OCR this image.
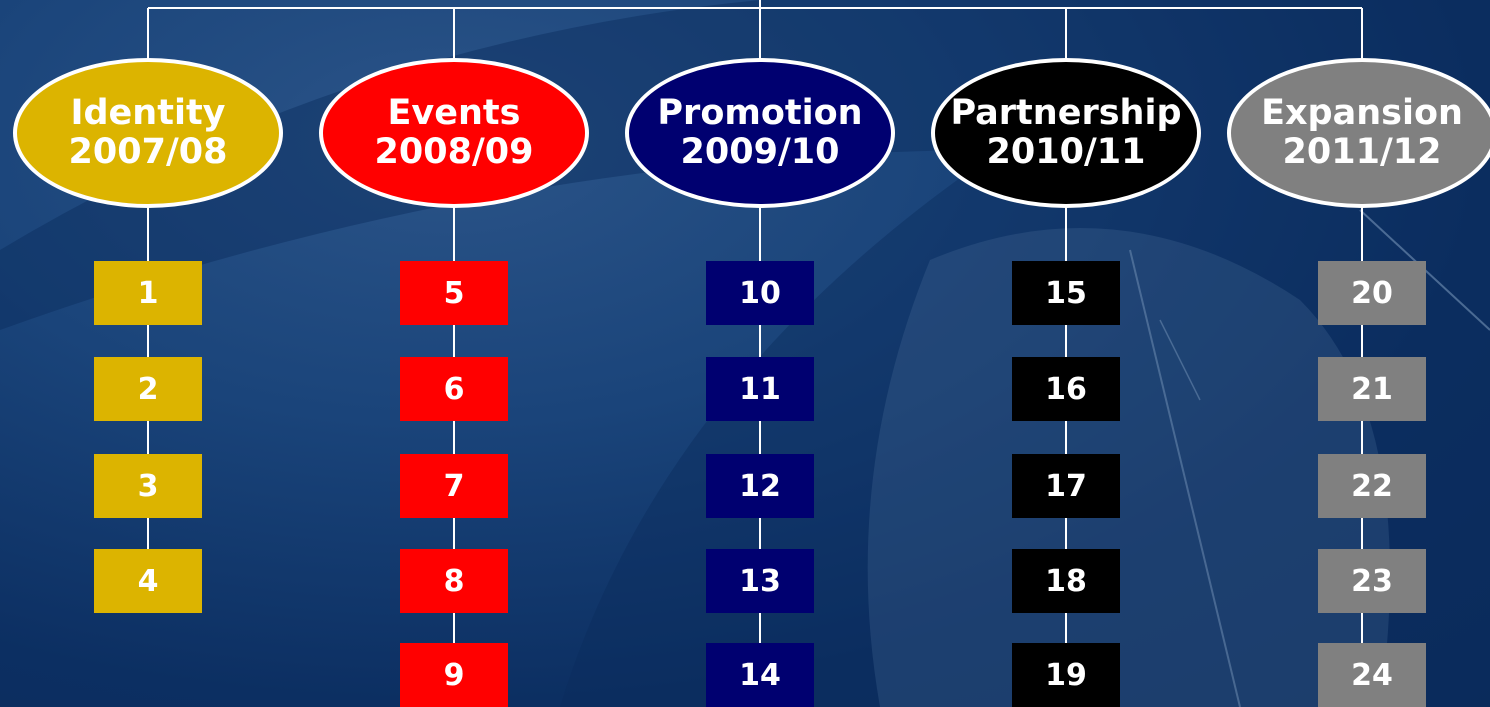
Identity
2007/08
1
2
3
4
Events
2008/09
5
6
7
8
9
Promotion
2009/10
10
11
12
13
14
Partnership
2010/11
15
16
17
18
19
Expansion
2011/12
20
21
22
23
24
